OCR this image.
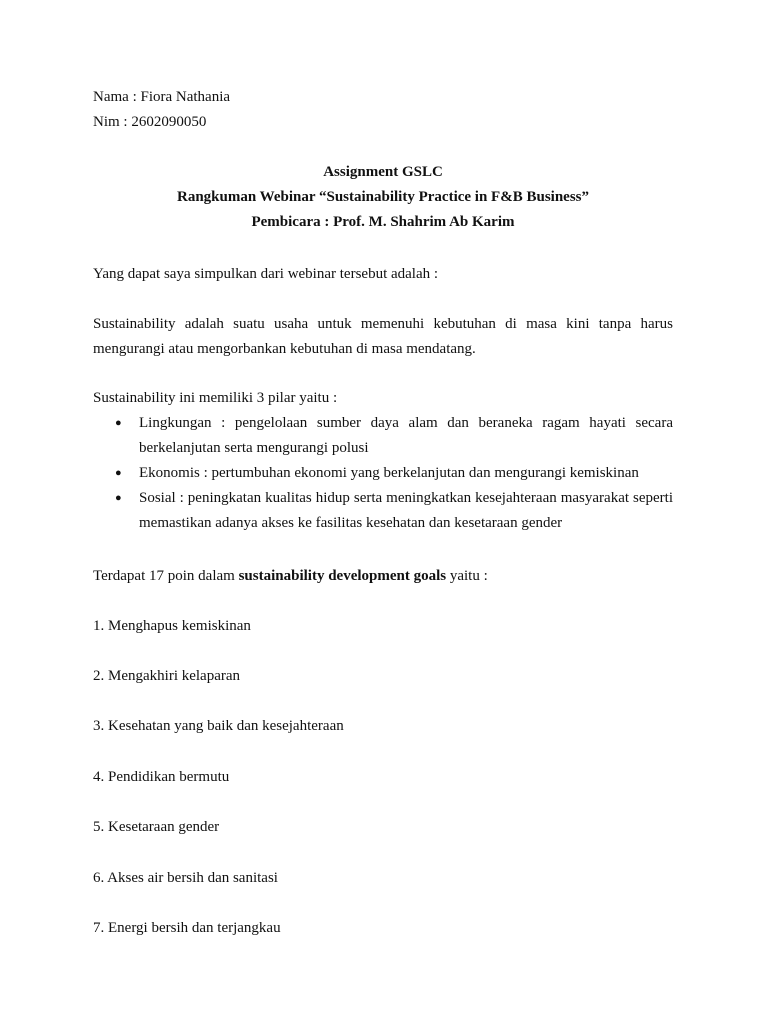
Nama : Fiora Nathania
Nim : 2602090050
Assignment GSLC
Rangkuman Webinar “Sustainability Practice in F&B Business”
Pembicara : Prof. M. Shahrim Ab Karim
Yang dapat saya simpulkan dari webinar tersebut adalah :
Sustainability adalah suatu usaha untuk memenuhi kebutuhan di masa kini tanpa harus mengurangi atau mengorbankan kebutuhan di masa mendatang.
Sustainability ini memiliki 3 pilar yaitu :

● Lingkungan : pengelolaan sumber daya alam dan beraneka ragam hayati secara berkelanjutan serta mengurangi polusi

● Ekonomis : pertumbuhan ekonomi yang berkelanjutan dan mengurangi kemiskinan

● Sosial : peningkatan kualitas hidup serta meningkatkan kesejahteraan masyarakat seperti memastikan adanya akses ke fasilitas kesehatan dan kesetaraan gender

Terdapat 17 poin dalam sustainability development goals yaitu :
1. Menghapus kemiskinan
2. Mengakhiri kelaparan
3. Kesehatan yang baik dan kesejahteraan
4. Pendidikan bermutu
5. Kesetaraan gender
6. Akses air bersih dan sanitasi
7. Energi bersih dan terjangkau
